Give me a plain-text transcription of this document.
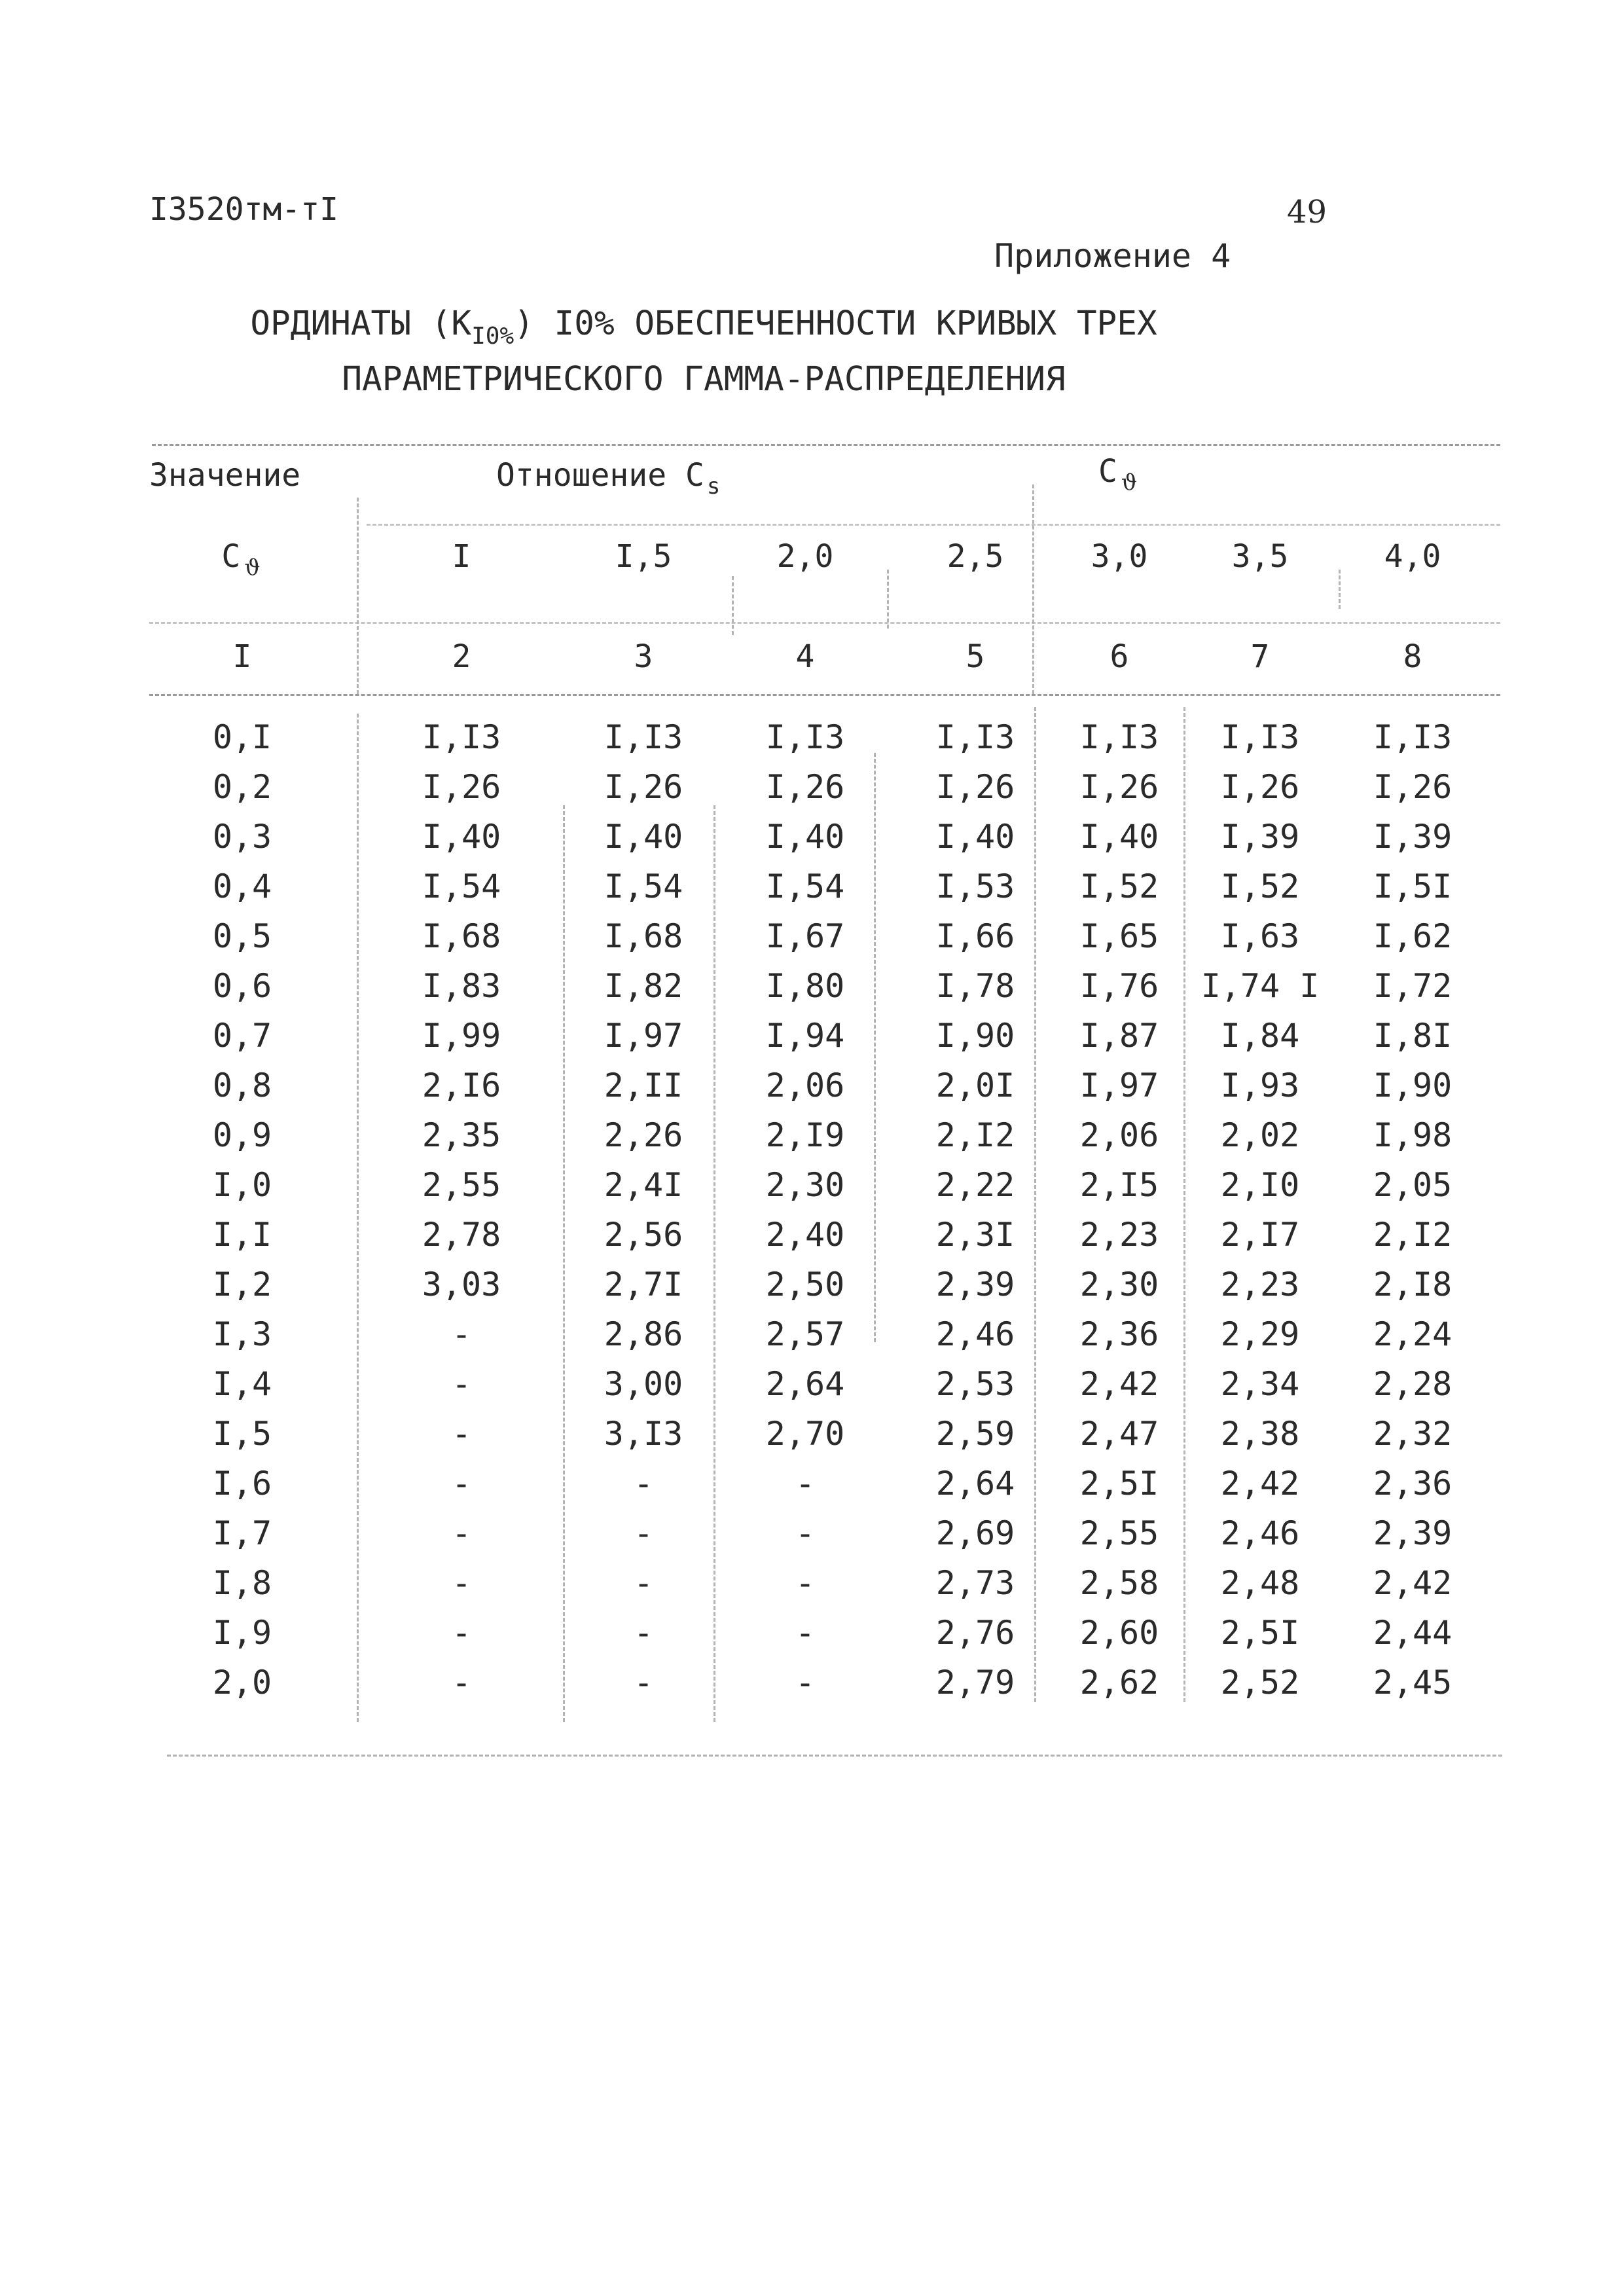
I3520тм-тI	49
Приложение 4
ОРДИНАТЫ $(К_{I0\%})$ I0% ОБЕСПЕЧЕННОСТИ КРИВЫХ ТРЕХ ПАРАМЕТРИЧЕСКОГО ГАММА-РАСПРЕДЕЛЕНИЯ
Значение	Отношение C $_s$	C $_ϑ$
C $_ϑ$	I	I,5	2,0	2,5	3,0	3,5	4,0
I	2	3	4	5	6	7	8
0,I	I,I3	I,I3	I,I3	I,I3 I,I3 I,I3 I,I3
0,2	I,26	I,26	I,26	I,26 I,26 I,26 I,26
0,3	I,40	I,40	I,40	I,40 I,40 I,39 I,39
0,4	I,54	I,54	I,54	I,53 I,52 I,52 I,5I
0,5	I,68	I,68	I,67	I,66 I,65 I,63 I,62
0,6	I,83	I,82	I,80	I,78 I,76 I,74 I I,72
0,7	I,99	I,97	I,94	I,90 I,87 I,84 I,8I
0,8	2,I6	2,II	2,06	2,0I I,97 I,93 I,90
0,9	2,35	2,26	2,I9	2,I2 2,06 2,02 I,98
I,0	2,55	2,4I	2,30	2,22 2,I5 2,I0 2,05
I,I	2,78	2,56	2,40	2,3I 2,23 2,I7 2,I2
I,2	3,03	2,7I	2,50	2,39 2,30 2,23 2,I8
I,3	-	2,86	2,57	2,46 2,36 2,29 2,24
I,4	-	3,00	2,64	2,53 2,42 2,34 2,28
I,5	-	3,I3	2,70	2,59 2,47 2,38 2,32
I,6	-	-	-	2,64 2,5I 2,42 2,36
I,7	-	-	-	2,69 2,55 2,46 2,39
I,8	-	-	-	2,73 2,58 2,48 2,42
I,9	-	-	-	2,76 2,60 2,5I 2,44
2,0	-	-	-	2,79 2,62 2,52 2,45
